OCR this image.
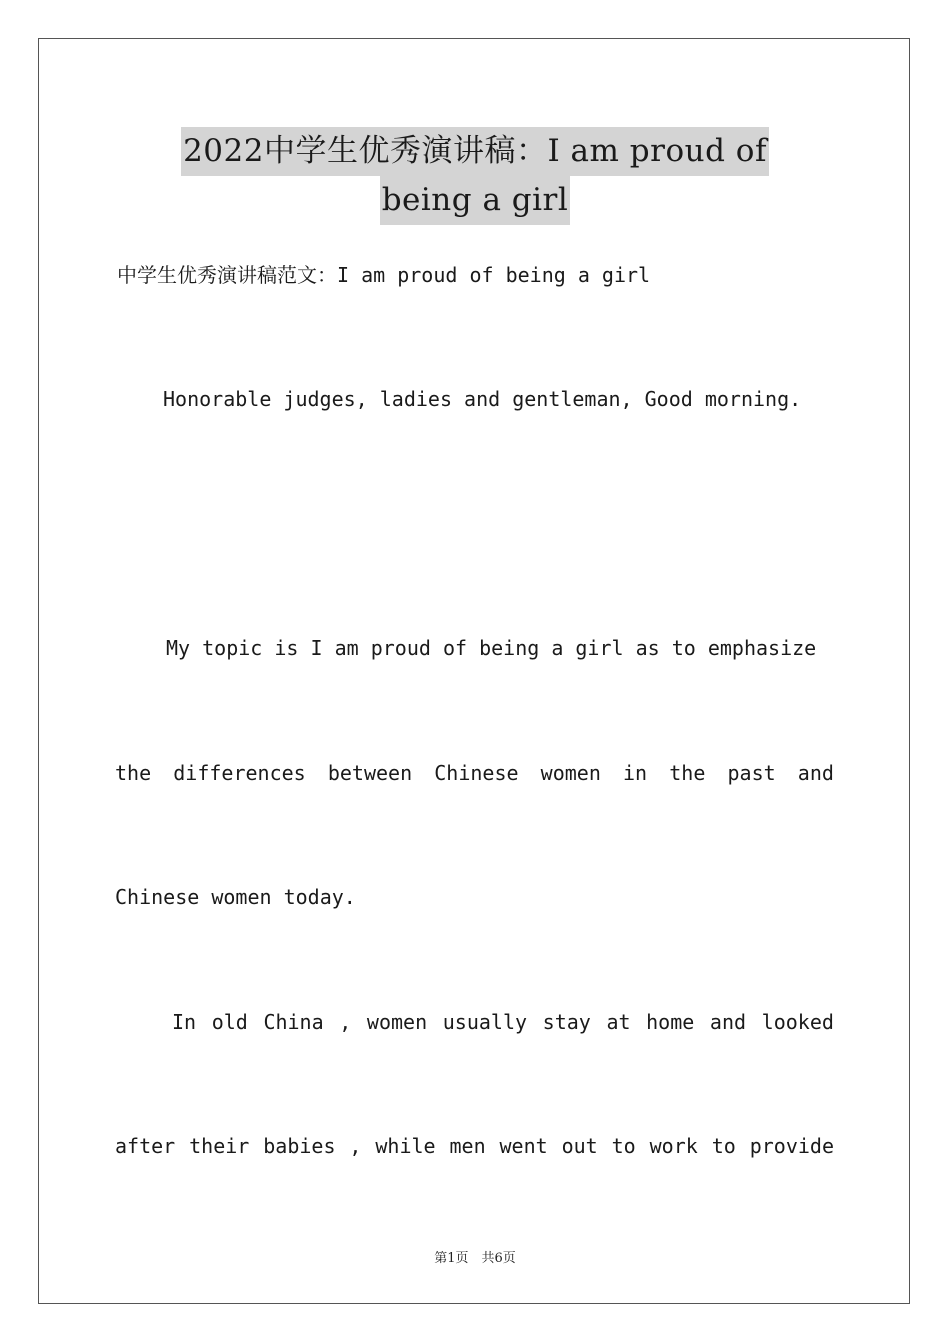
2022中学生优秀演讲稿：I am proud of
being a girl
中学生优秀演讲稿范文：I am proud of being a girl
Honorable judges, ladies and gentleman, Good morning.
My topic is I am proud of being a girl as to emphasize
the differences between Chinese women in the past and
Chinese women today.
In old China , women usually stay at home and looked
after their babies , while men went out to work to provide
第1页　共6页
